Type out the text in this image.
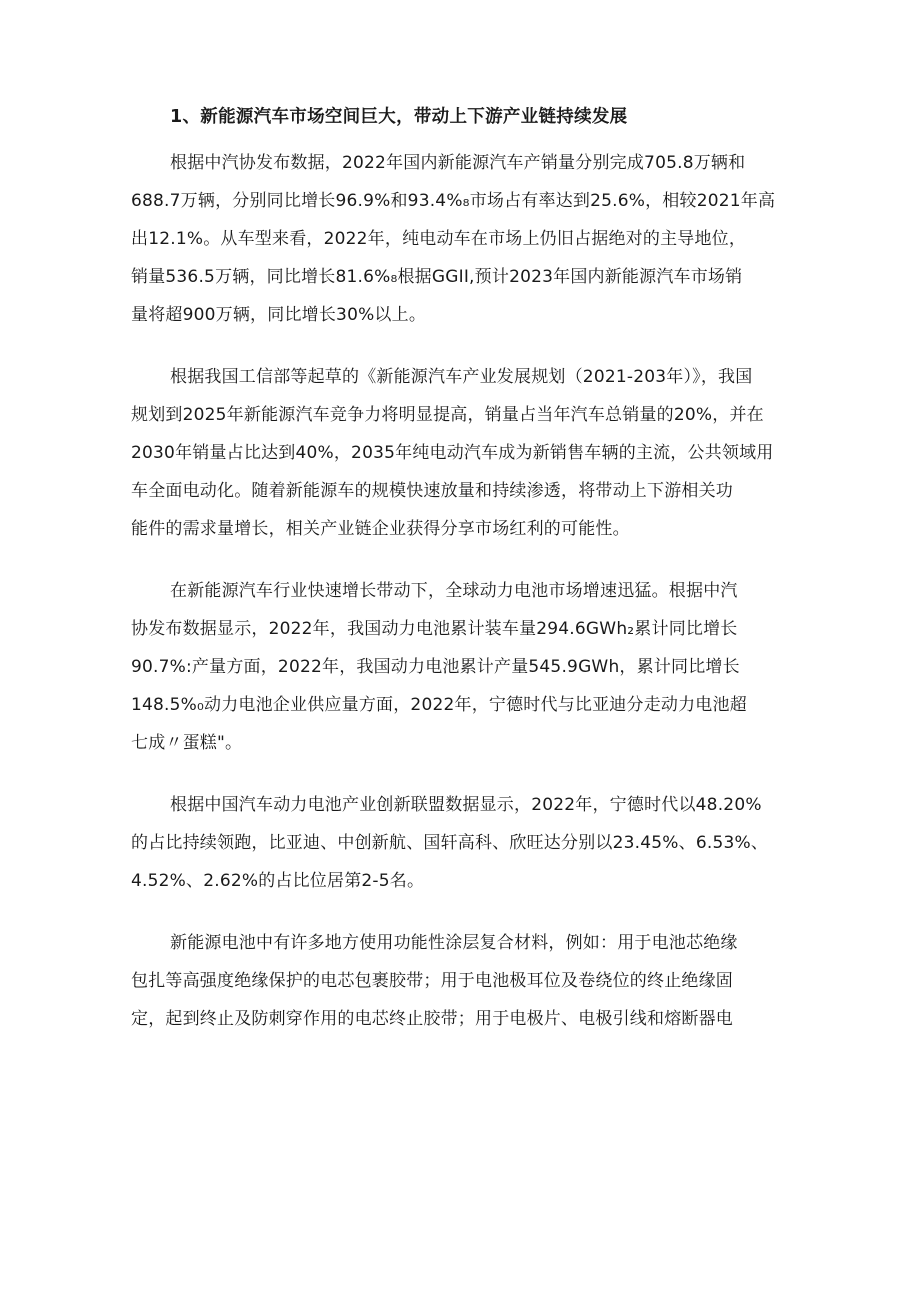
1、新能源汽车市场空间巨大，带动上下游产业链持续发展
根据中汽协发布数据，2022年国内新能源汽车产销量分别完成705.8万辆和
688.7万辆，分别同比增长96.9%和93.4%₈市场占有率达到25.6%，相较2021年高
出12.1%。从车型来看，2022年，纯电动车在市场上仍旧占据绝对的主导地位，
销量536.5万辆，同比增长81.6%₈根据GGII,预计2023年国内新能源汽车市场销
量将超900万辆，同比增长30%以上。
根据我国工信部等起草的《新能源汽车产业发展规划（2021-203年）》，我国
规划到2025年新能源汽车竞争力将明显提高，销量占当年汽车总销量的20%，并在
2030年销量占比达到40%，2035年纯电动汽车成为新销售车辆的主流，公共领域用
车全面电动化。随着新能源车的规模快速放量和持续渗透，将带动上下游相关功
能件的需求量增长，相关产业链企业获得分享市场红利的可能性。
在新能源汽车行业快速增长带动下，全球动力电池市场增速迅猛。根据中汽
协发布数据显示，2022年，我国动力电池累计装车量294.6GWh₂累计同比增长
90.7%:产量方面，2022年，我国动力电池累计产量545.9GWh，累计同比增长
148.5%₀动力电池企业供应量方面，2022年，宁德时代与比亚迪分走动力电池超
七成〃蛋糕"。
根据中国汽车动力电池产业创新联盟数据显示，2022年，宁德时代以48.20%
的占比持续领跑，比亚迪、中创新航、国轩高科、欣旺达分别以23.45%、6.53%、
4.52%、2.62%的占比位居第2-5名。
新能源电池中有许多地方使用功能性涂层复合材料，例如：用于电池芯绝缘
包扎等高强度绝缘保护的电芯包裹胶带；用于电池极耳位及卷绕位的终止绝缘固
定，起到终止及防刺穿作用的电芯终止胶带；用于电极片、电极引线和熔断器电
